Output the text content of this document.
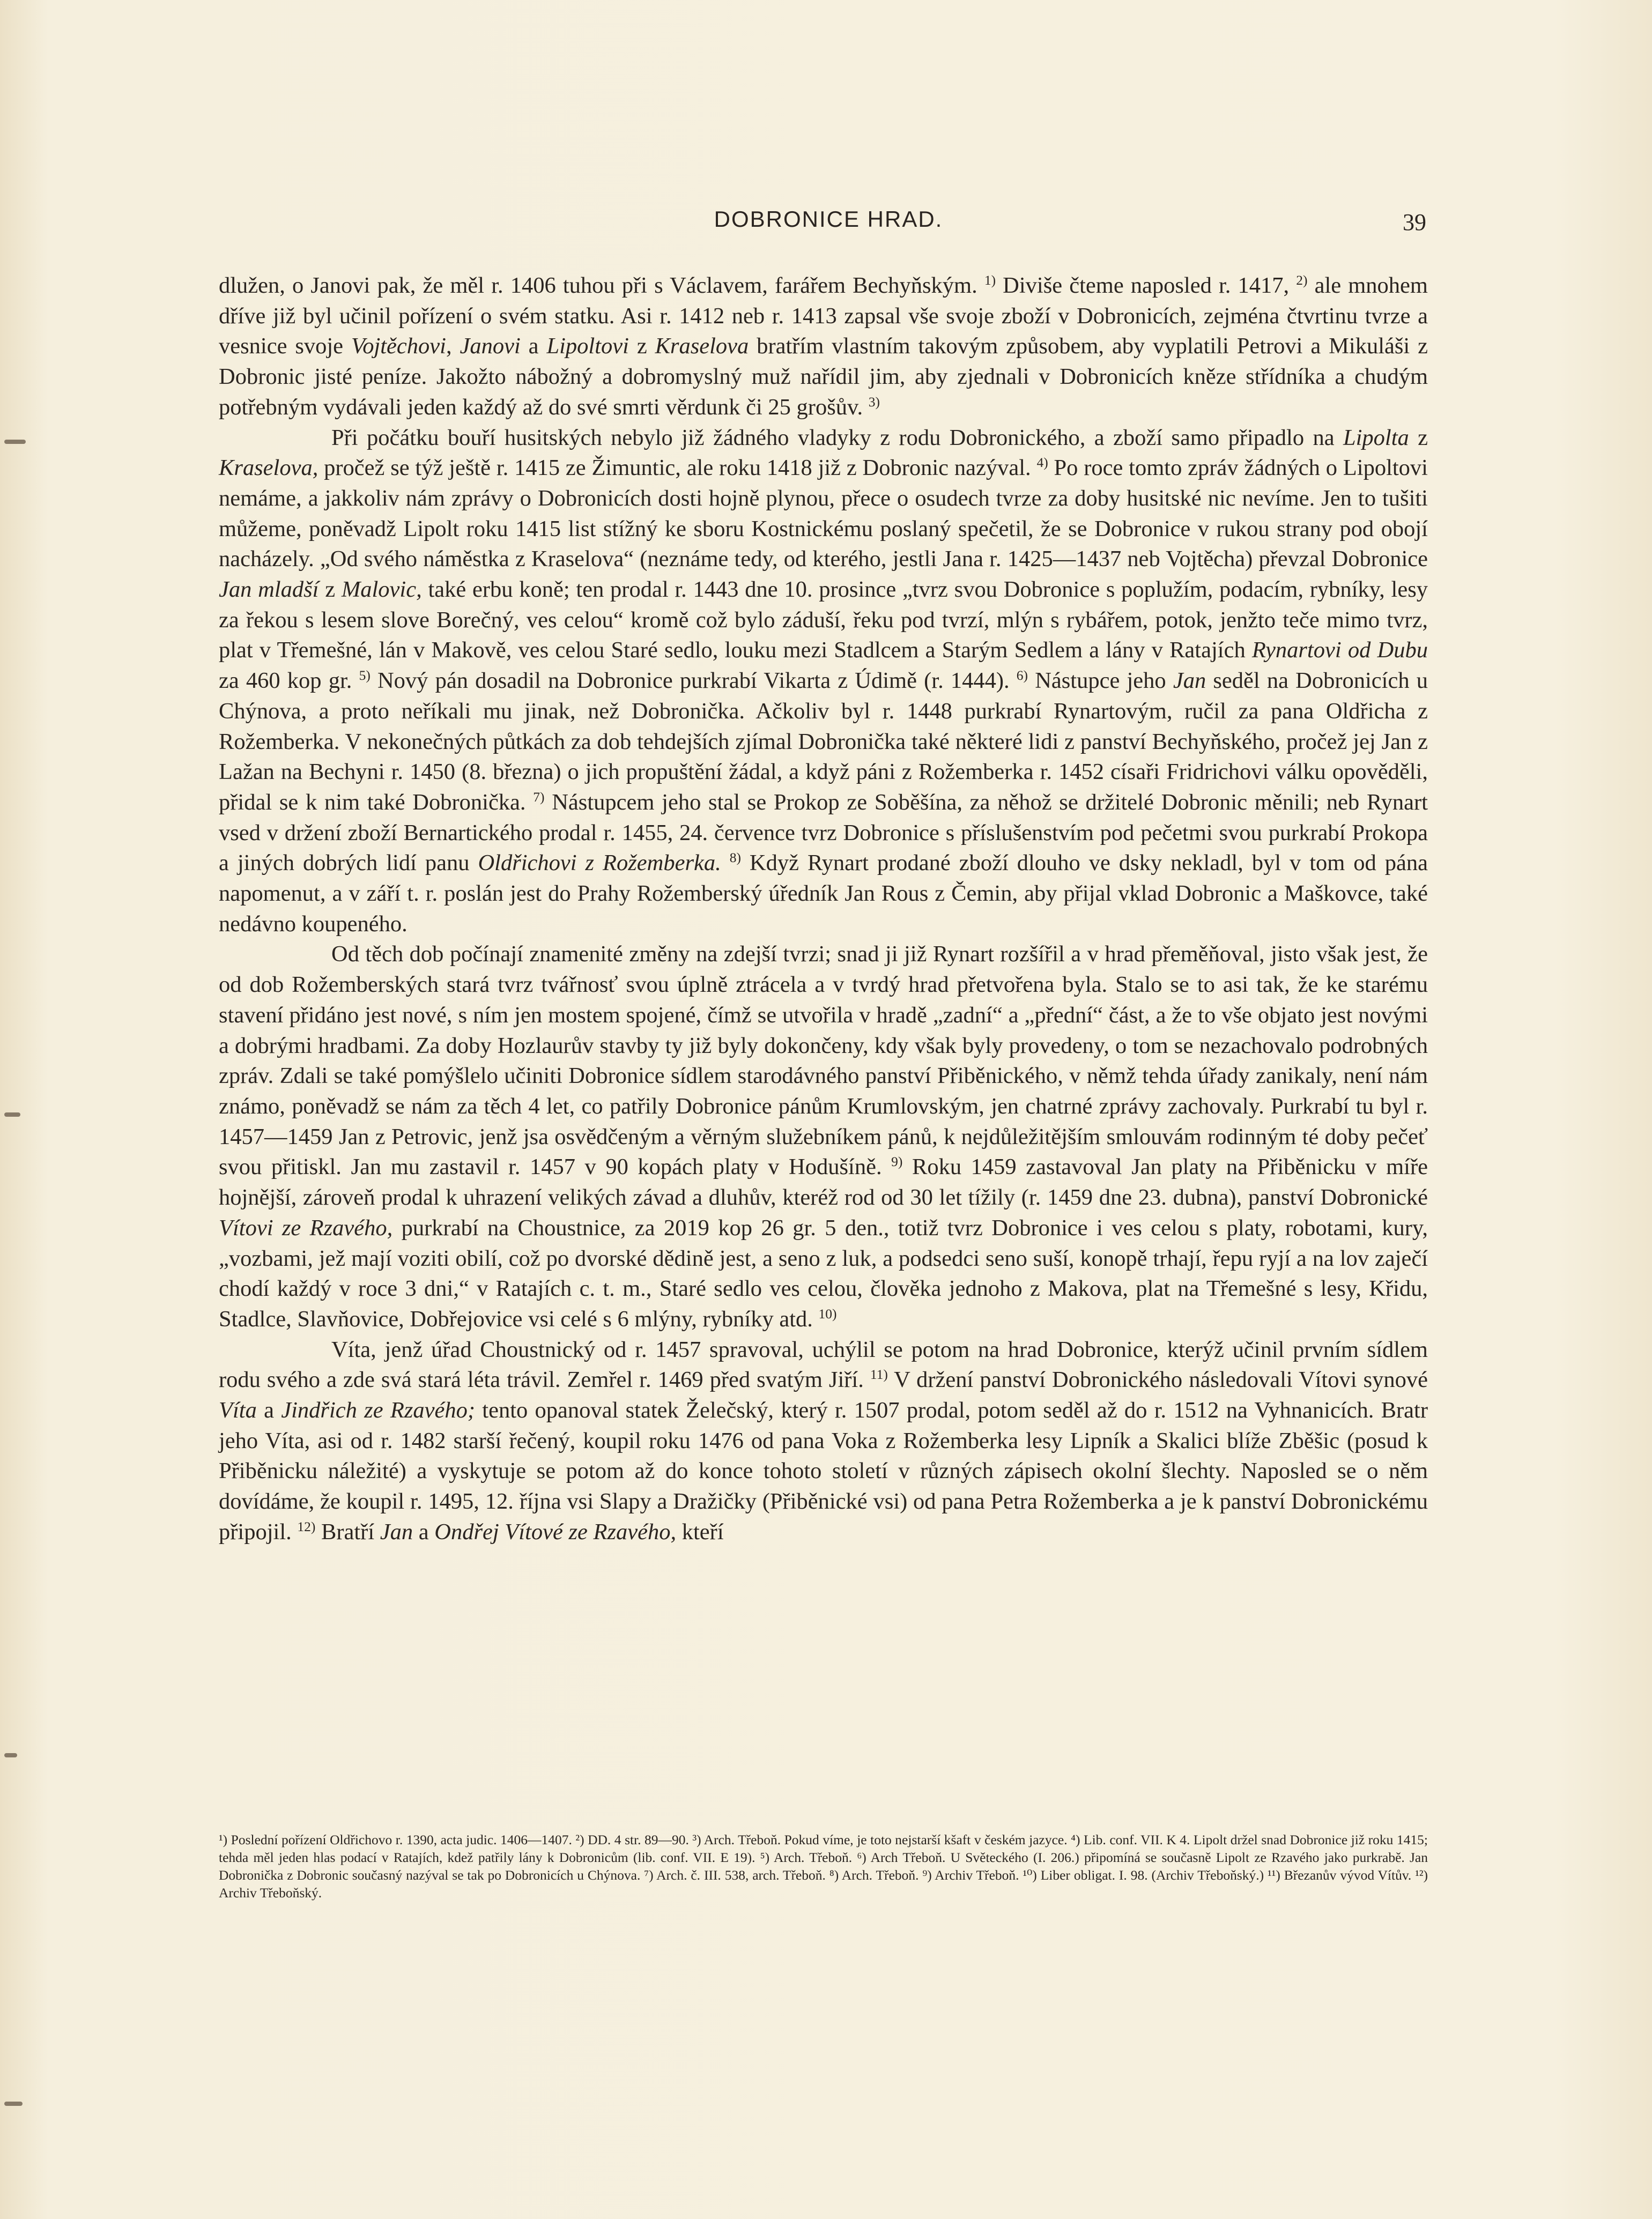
DOBRONICE HRAD.	39

dlužen, o Janovi pak, že měl r. 1406 tuhou při s Václavem, farářem Bechyňským. $^{1)}$ Diviše čteme naposled r. 1417, $^{2)}$ ale mnohem dříve již byl učinil pořízení o svém statku. Asi r. 1412 neb r. 1413 zapsal vše svoje zboží v Dobronicích, zejména čtvrtinu tvrze a vesnice svoje Vojtěchovi, Janovi a Lipoltovi z Kraselova bratřím vlastním takovým způsobem, aby vyplatili Petrovi a Mikuláši z Dobronic jisté peníze. Jakožto nábožný a dobromyslný muž nařídil jim, aby zjednali v Dobronicích kněze střídníka a chudým potřebným vydávali jeden každý až do své smrti věrdunk či 25 grošův. $^{3)}$

Při počátku bouří husitských nebylo již žádného vladyky z rodu Dobronického, a zboží samo připadlo na Lipolta z Kraselova, pročež se týž ještě r. 1415 ze Žimuntic, ale roku 1418 již z Dobronic nazýval. $^{4)}$ Po roce tomto zpráv žádných o Lipoltovi nemáme, a jakkoliv nám zprávy o Dobronicích dosti hojně plynou, přece o osudech tvrze za doby husitské nic nevíme. Jen to tušiti můžeme, poněvadž Lipolt roku 1415 list stížný ke sboru Kostnickému poslaný spečetil, že se Dobronice v rukou strany pod obojí nacházely. „Od svého náměstka z Kraselova“ (neznáme tedy, od kterého, jestli Jana r. 1425—1437 neb Vojtěcha) převzal Dobronice Jan mladší z Malovic, také erbu koně; ten prodal r. 1443 dne 10. prosince „tvrz svou Dobronice s poplužím, podacím, rybníky, lesy za řekou s lesem slove Borečný, ves celou“ kromě což bylo záduší, řeku pod tvrzí, mlýn s rybářem, potok, jenžto teče mimo tvrz, plat v Třemešné, lán v Makově, ves celou Staré sedlo, louku mezi Stadlcem a Starým Sedlem a lány v Ratajích Rynartovi od Dubu za 460 kop gr. $^{5)}$ Nový pán dosadil na Dobronice purkrabí Vikarta z Údimě (r. 1444). $^{6)}$ Nástupce jeho Jan seděl na Dobronicích u Chýnova, a proto neříkali mu jinak, než Dobronička. Ačkoliv byl r. 1448 purkrabí Rynartovým, ručil za pana Oldřicha z Rožemberka. V nekonečných půtkách za dob tehdejších zjímal Dobronička také některé lidi z panství Bechyňského, pročež jej Jan z Lažan na Bechyni r. 1450 (8. března) o jich propuštění žádal, a když páni z Rožemberka r. 1452 císaři Fridrichovi válku opověděli, přidal se k nim také Dobronička. $^{7)}$ Nástupcem jeho stal se Prokop ze Soběšína, za něhož se držitelé Dobronic měnili; neb Rynart vsed v držení zboží Bernartického prodal r. 1455, 24. července tvrz Dobronice s příslušenstvím pod pečetmi svou purkrabí Prokopa a jiných dobrých lidí panu Oldřichovi z Rožemberka. $^{8)}$ Když Rynart prodané zboží dlouho ve dsky nekladl, byl v tom od pána napomenut, a v září t. r. poslán jest do Prahy Rožemberský úředník Jan Rous z Čemin, aby přijal vklad Dobronic a Maškovce, také nedávno koupeného.

Od těch dob počínají znamenité změny na zdejší tvrzi; snad ji již Rynart rozšířil a v hrad přeměňoval, jisto však jest, že od dob Rožemberských stará tvrz tvářnosť svou úplně ztrácela a v tvrdý hrad přetvořena byla. Stalo se to asi tak, že ke starému stavení přidáno jest nové, s ním jen mostem spojené, čímž se utvořila v hradě „zadní“ a „přední“ část, a že to vše objato jest novými a dobrými hradbami. Za doby Hozlaurův stavby ty již byly dokončeny, kdy však byly provedeny, o tom se nezachovalo podrobných zpráv. Zdali se také pomýšlelo učiniti Dobronice sídlem starodávného panství Přiběnického, v němž tehda úřady zanikaly, není nám známo, poněvadž se nám za těch 4 let, co patřily Dobronice pánům Krumlovským, jen chatrné zprávy zachovaly. Purkrabí tu byl r. 1457—1459 Jan z Petrovic, jenž jsa osvědčeným a věrným služebníkem pánů, k nejdůležitějším smlouvám rodinným té doby pečeť svou přitiskl. Jan mu zastavil r. 1457 v 90 kopách platy v Hodušíně. $^{9)}$ Roku 1459 zastavoval Jan platy na Přiběnicku v míře hojnější, zároveň prodal k uhrazení velikých závad a dluhův, kteréž rod od 30 let tížily (r. 1459 dne 23. dubna), panství Dobronické Vítovi ze Rzavého, purkrabí na Choustnice, za 2019 kop 26 gr. 5 den., totiž tvrz Dobronice i ves celou s platy, robotami, kury, „vozbami, jež mají voziti obilí, což po dvorské dědině jest, a seno z luk, a podsedci seno suší, konopě trhají, řepu ryjí a na lov zaječí chodí každý v roce 3 dni,“ v Ratajích c. t. m., Staré sedlo ves celou, člověka jednoho z Makova, plat na Třemešné s lesy, Křidu, Stadlce, Slavňovice, Dobřejovice vsi celé s 6 mlýny, rybníky atd. $^{10)}$

Víta, jenž úřad Choustnický od r. 1457 spravoval, uchýlil se potom na hrad Dobronice, kterýž učinil prvním sídlem rodu svého a zde svá stará léta trávil. Zemřel r. 1469 před svatým Jiří. $^{11)}$ V držení panství Dobronického následovali Vítovi synové Víta a Jindřich ze Rzavého; tento opanoval statek Želečský, který r. 1507 prodal, potom seděl až do r. 1512 na Vyhnanicích. Bratr jeho Víta, asi od r. 1482 starší řečený, koupil roku 1476 od pana Voka z Rožemberka lesy Lipník a Skalici blíže Zběšic (posud k Přiběnicku náležité) a vyskytuje se potom až do konce tohoto století v různých zápisech okolní šlechty. Naposled se o něm dovídáme, že koupil r. 1495, 12. října vsi Slapy a Dražičky (Přiběnické vsi) od pana Petra Rožemberka a je k panství Dobronickému připojil. $^{12)}$ Bratří Jan a Ondřej Vítové ze Rzavého, kteří

¹) Poslední pořízení Oldřichovo r. 1390, acta judic. 1406—1407. ²) DD. 4 str. 89—90. ³) Arch. Třeboň. Pokud víme, je toto nejstarší kšaft v českém jazyce. ⁴) Lib. conf. VII. K 4. Lipolt držel snad Dobronice již roku 1415; tehda měl jeden hlas podací v Ratajích, kdež patřily lány k Dobronicům (lib. conf. VII. E 19). ⁵) Arch. Třeboň. ⁶) Arch Třeboň. U Světeckého (I. 206.) připomíná se současně Lipolt ze Rzavého jako purkrabě. Jan Dobronička z Dobronic současný nazýval se tak po Dobronicích u Chýnova. ⁷) Arch. č. III. 538, arch. Třeboň. ⁸) Arch. Třeboň. ⁹) Archiv Třeboň. ¹⁰) Liber obligat. I. 98. (Archiv Třeboňský.) ¹¹) Březanův vývod Vítův. ¹²) Archiv Třeboňský.
